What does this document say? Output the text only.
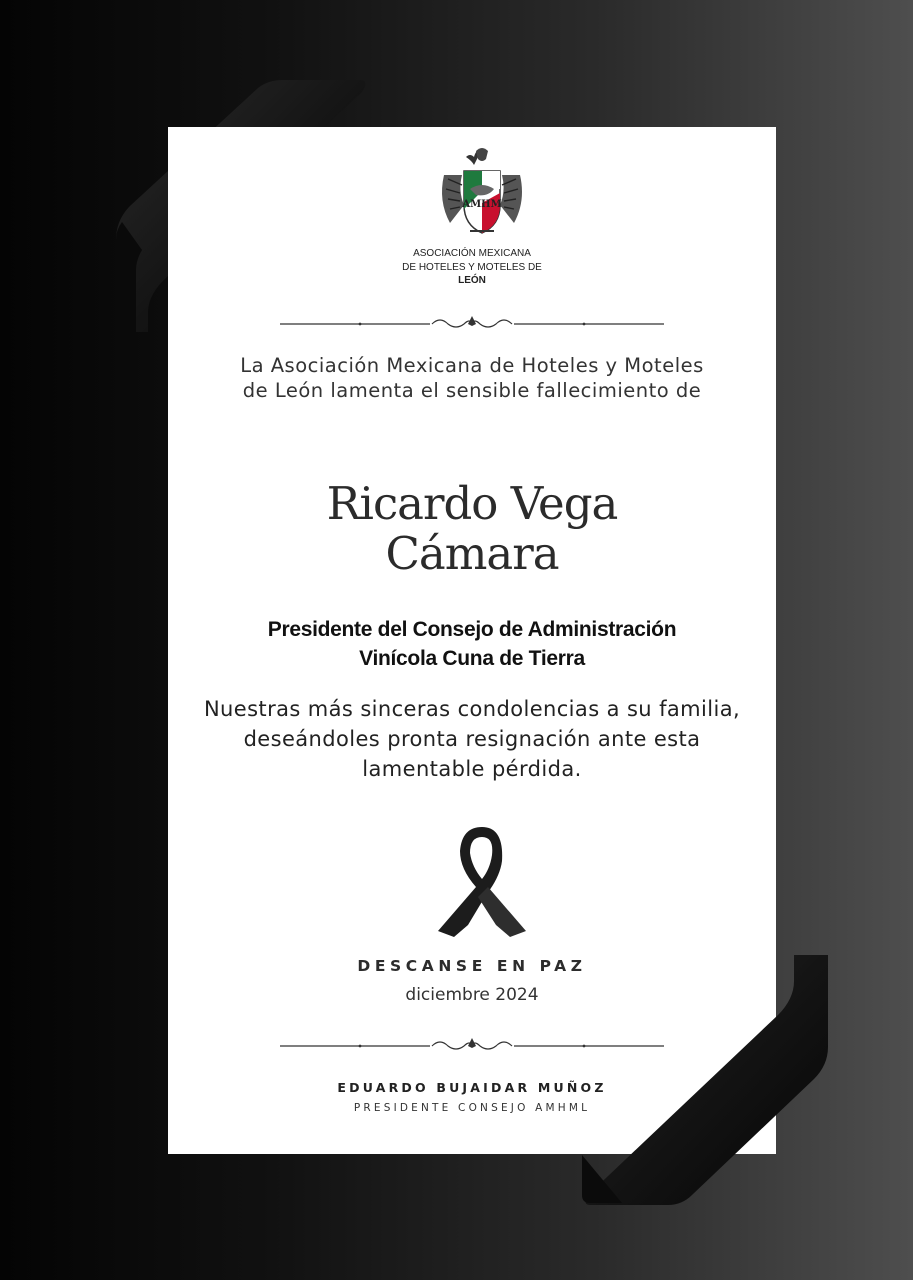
AMHM
ASOCIACIÓN MEXICANA
DE HOTELES Y MOTELES DE
LEÓN
La Asociación Mexicana de Hoteles y Moteles de León lamenta el sensible fallecimiento de
Ricardo Vega
Cámara
Presidente del Consejo de Administración
Vinícola Cuna de Tierra
Nuestras más sinceras condolencias a su familia, deseándoles pronta resignación ante esta lamentable pérdida.
DESCANSE EN PAZ
diciembre 2024
EDUARDO BUJAIDAR MUÑOZ
PRESIDENTE CONSEJO AMHML
